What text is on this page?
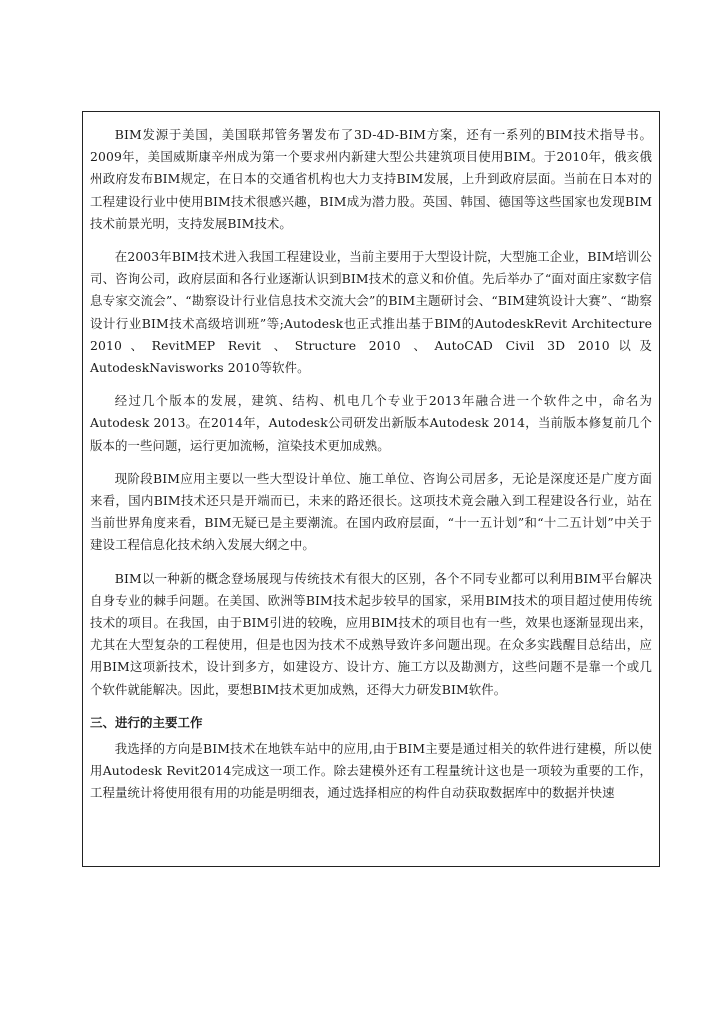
BIM发源于美国，美国联邦管务署发布了3D-4D-BIM方案，还有一系列的BIM技术指导书。2009年，美国威斯康辛州成为第一个要求州内新建大型公共建筑项目使用BIM。于2010年，俄亥俄州政府发布BIM规定，在日本的交通省机构也大力支持BIM发展，上升到政府层面。当前在日本对的工程建设行业中使用BIM技术很感兴趣，BIM成为潜力股。英国、韩国、德国等这些国家也发现BIM技术前景光明，支持发展BIM技术。

在2003年BIM技术进入我国工程建设业，当前主要用于大型设计院，大型施工企业，BIM培训公司、咨询公司，政府层面和各行业逐渐认识到BIM技术的意义和价值。先后举办了“面对面庄家数字信息专家交流会”、“勘察设计行业信息技术交流大会”的BIM主题研讨会、“BIM建筑设计大赛”、“勘察设计行业BIM技术高级培训班”等;Autodesk也正式推出基于BIM的AutodeskRevit Architecture 2010、RevitMEP Revit 、Structure 2010 、AutoCAD Civil 3D 2010以及AutodeskNavisworks 2010等软件。

经过几个版本的发展，建筑、结构、机电几个专业于2013年融合进一个软件之中，命名为Autodesk 2013。在2014年，Autodesk公司研发出新版本Autodesk 2014，当前版本修复前几个版本的一些问题，运行更加流畅，渲染技术更加成熟。

现阶段BIM应用主要以一些大型设计单位、施工单位、咨询公司居多，无论是深度还是广度方面来看，国内BIM技术还只是开端而已，未来的路还很长。这项技术竟会融入到工程建设各行业，站在当前世界角度来看，BIM无疑已是主要潮流。在国内政府层面，“十一五计划”和“十二五计划”中关于建设工程信息化技术纳入发展大纲之中。

BIM以一种新的概念登场展现与传统技术有很大的区别，各个不同专业都可以利用BIM平台解决自身专业的棘手问题。在美国、欧洲等BIM技术起步较早的国家，采用BIM技术的项目超过使用传统技术的项目。在我国，由于BIM引进的较晚，应用BIM技术的项目也有一些，效果也逐渐显现出来，尤其在大型复杂的工程使用，但是也因为技术不成熟导致许多问题出现。在众多实践醒目总结出，应用BIM这项新技术，设计到多方，如建设方、设计方、施工方以及勘测方，这些问题不是靠一个或几个软件就能解决。因此，要想BIM技术更加成熟，还得大力研发BIM软件。

三、进行的主要工作

我选择的方向是BIM技术在地铁车站中的应用,由于BIM主要是通过相关的软件进行建模，所以使用Autodesk Revit2014完成这一项工作。除去建模外还有工程量统计这也是一项较为重要的工作，工程量统计将使用很有用的功能是明细表，通过选择相应的构件自动获取数据库中的数据并快速
